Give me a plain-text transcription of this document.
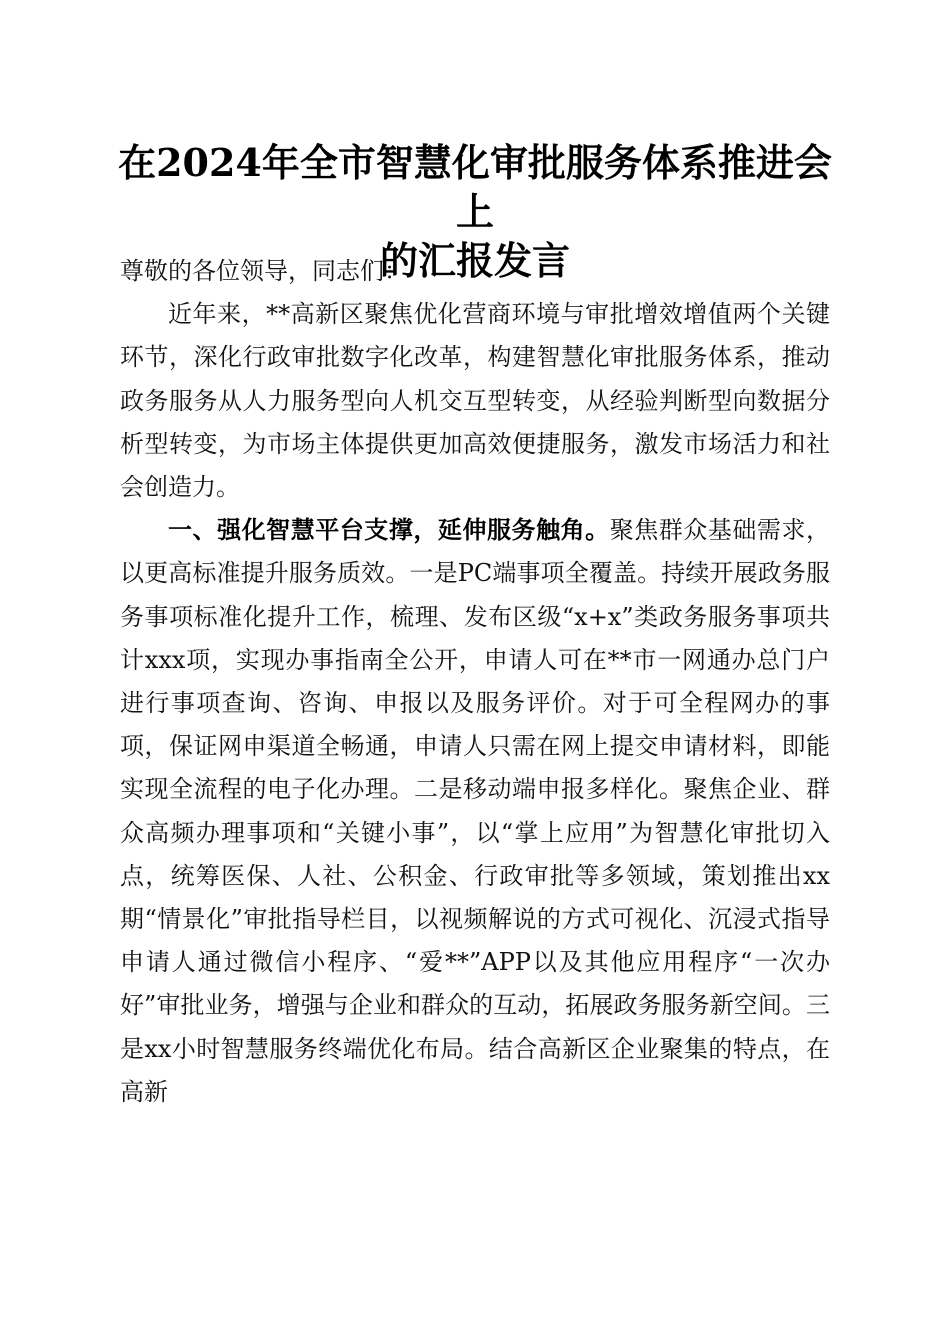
在2024年全市智慧化审批服务体系推进会上
的汇报发言

尊敬的各位领导，同志们：

近年来，**高新区聚焦优化营商环境与审批增效增值两个关键环节，深化行政审批数字化改革，构建智慧化审批服务体系，推动政务服务从人力服务型向人机交互型转变，从经验判断型向数据分析型转变，为市场主体提供更加高效便捷服务，激发市场活力和社会创造力。

一、强化智慧平台支撑，延伸服务触角。聚焦群众基础需求，以更高标准提升服务质效。一是PC端事项全覆盖。持续开展政务服务事项标准化提升工作，梳理、发布区级“x+x”类政务服务事项共计xxx项，实现办事指南全公开，申请人可在**市一网通办总门户进行事项查询、咨询、申报以及服务评价。对于可全程网办的事项，保证网申渠道全畅通，申请人只需在网上提交申请材料，即能实现全流程的电子化办理。二是移动端申报多样化。聚焦企业、群众高频办理事项和“关键小事”，以“掌上应用”为智慧化审批切入点，统筹医保、人社、公积金、行政审批等多领域，策划推出xx期“情景化”审批指导栏目，以视频解说的方式可视化、沉浸式指导申请人通过微信小程序、“爱**”APP以及其他应用程序“一次办好”审批业务，增强与企业和群众的互动，拓展政务服务新空间。三是xx小时智慧服务终端优化布局。结合高新区企业聚集的特点，在高新
